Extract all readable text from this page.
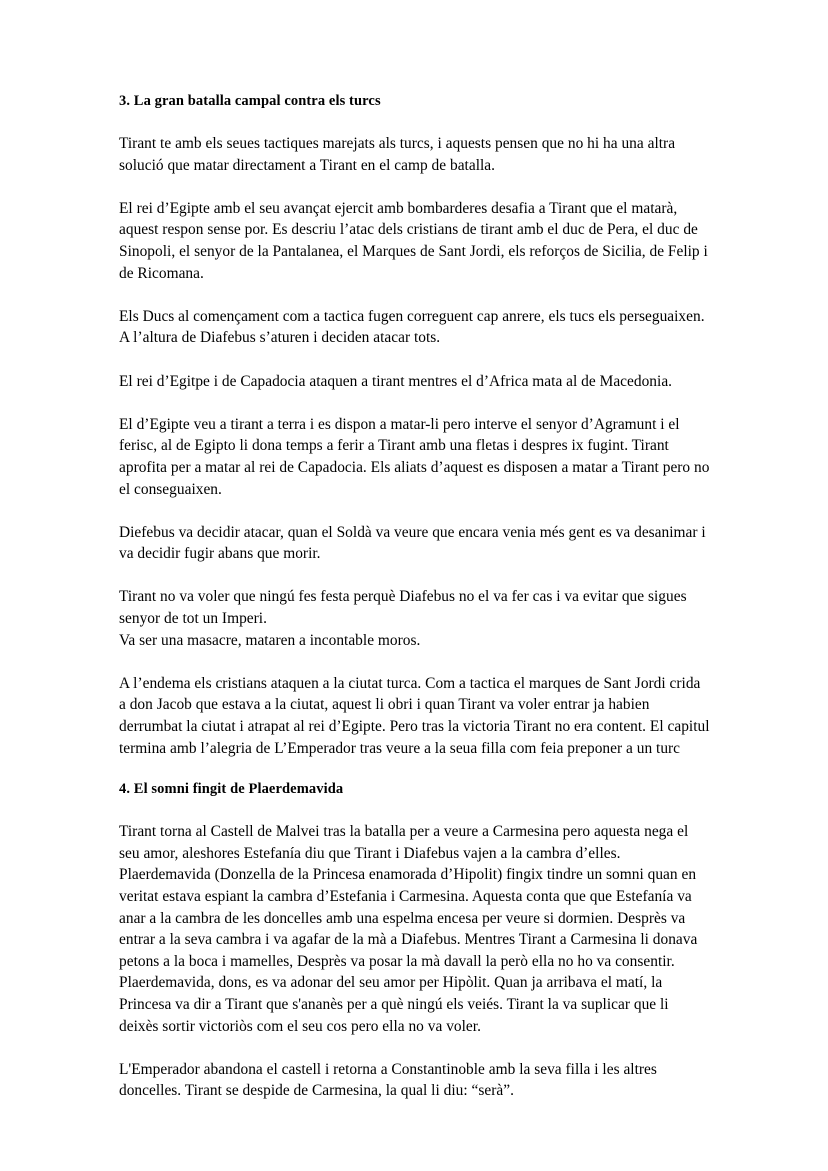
3. La gran batalla campal contra els turcs

Tirant te amb els seues tactiques marejats als turcs, i aquests pensen que no hi ha una altra solució que matar directament a Tirant en el camp de batalla.

El rei d’Egipte amb el seu avançat ejercit amb bombarderes desafia a Tirant que el matarà, aquest respon sense por. Es descriu l’atac dels cristians de tirant amb el duc de Pera, el duc de Sinopoli, el senyor de la Pantalanea, el Marques de Sant Jordi, els reforços de Sicilia, de Felip i de Ricomana.

Els Ducs al començament com a tactica fugen correguent cap anrere, els tucs els perseguaixen. A l’altura de Diafebus s’aturen i deciden atacar tots.

El rei d’Egitpe i de Capadocia ataquen a tirant mentres el d’Africa mata al de Macedonia.

El d’Egipte veu a tirant a terra i es dispon a matar-li pero interve el senyor d’Agramunt i el ferisc, al de Egipto li dona temps a ferir a Tirant amb una fletas i despres ix fugint. Tirant aprofita per a matar al rei de Capadocia. Els aliats d’aquest es disposen a matar a Tirant pero no el conseguaixen.

Diefebus va decidir atacar, quan el Soldà va veure que encara venia més gent es va desanimar i va decidir fugir abans que morir.

Tirant no va voler que ningú fes festa perquè Diafebus no el va fer cas i va evitar que sigues senyor de tot un Imperi.

Va ser una masacre, mataren a incontable moros.

A l’endema els cristians ataquen a la ciutat turca. Com a tactica el marques de Sant Jordi crida a don Jacob que estava a la ciutat, aquest li obri i quan Tirant va voler entrar ja habien derrumbat la ciutat i atrapat al rei d’Egipte. Pero tras la victoria Tirant no era content. El capitul termina amb l’alegria de L’Emperador tras veure a la seua filla com feia preponer a un turc

4. El somni fingit de Plaerdemavida

Tirant torna al Castell de Malvei tras la batalla per a veure a Carmesina pero aquesta nega el seu amor, aleshores Estefanía diu que Tirant i Diafebus vajen a la cambra d’elles.

Plaerdemavida (Donzella de la Princesa enamorada d’Hipolit) fingix tindre un somni quan en veritat estava espiant la cambra d’Estefania i Carmesina. Aquesta conta que que Estefanía va anar a la cambra de les doncelles amb una espelma encesa per veure si dormien. Desprès va entrar a la seva cambra i va agafar de la mà a Diafebus. Mentres Tirant a Carmesina li donava petons a la boca i mamelles, Desprès va posar la mà davall la però ella no ho va consentir.

Plaerdemavida, dons, es va adonar del seu amor per Hipòlit. Quan ja arribava el matí, la Princesa va dir a Tirant que s'ananès per a què ningú els veiés. Tirant la va suplicar que li deixès sortir victoriòs com el seu cos pero ella no va voler.

L'Emperador abandona el castell i retorna a Constantinoble amb la seva filla i les altres doncelles. Tirant se despide de Carmesina, la qual li diu: “serà”.
